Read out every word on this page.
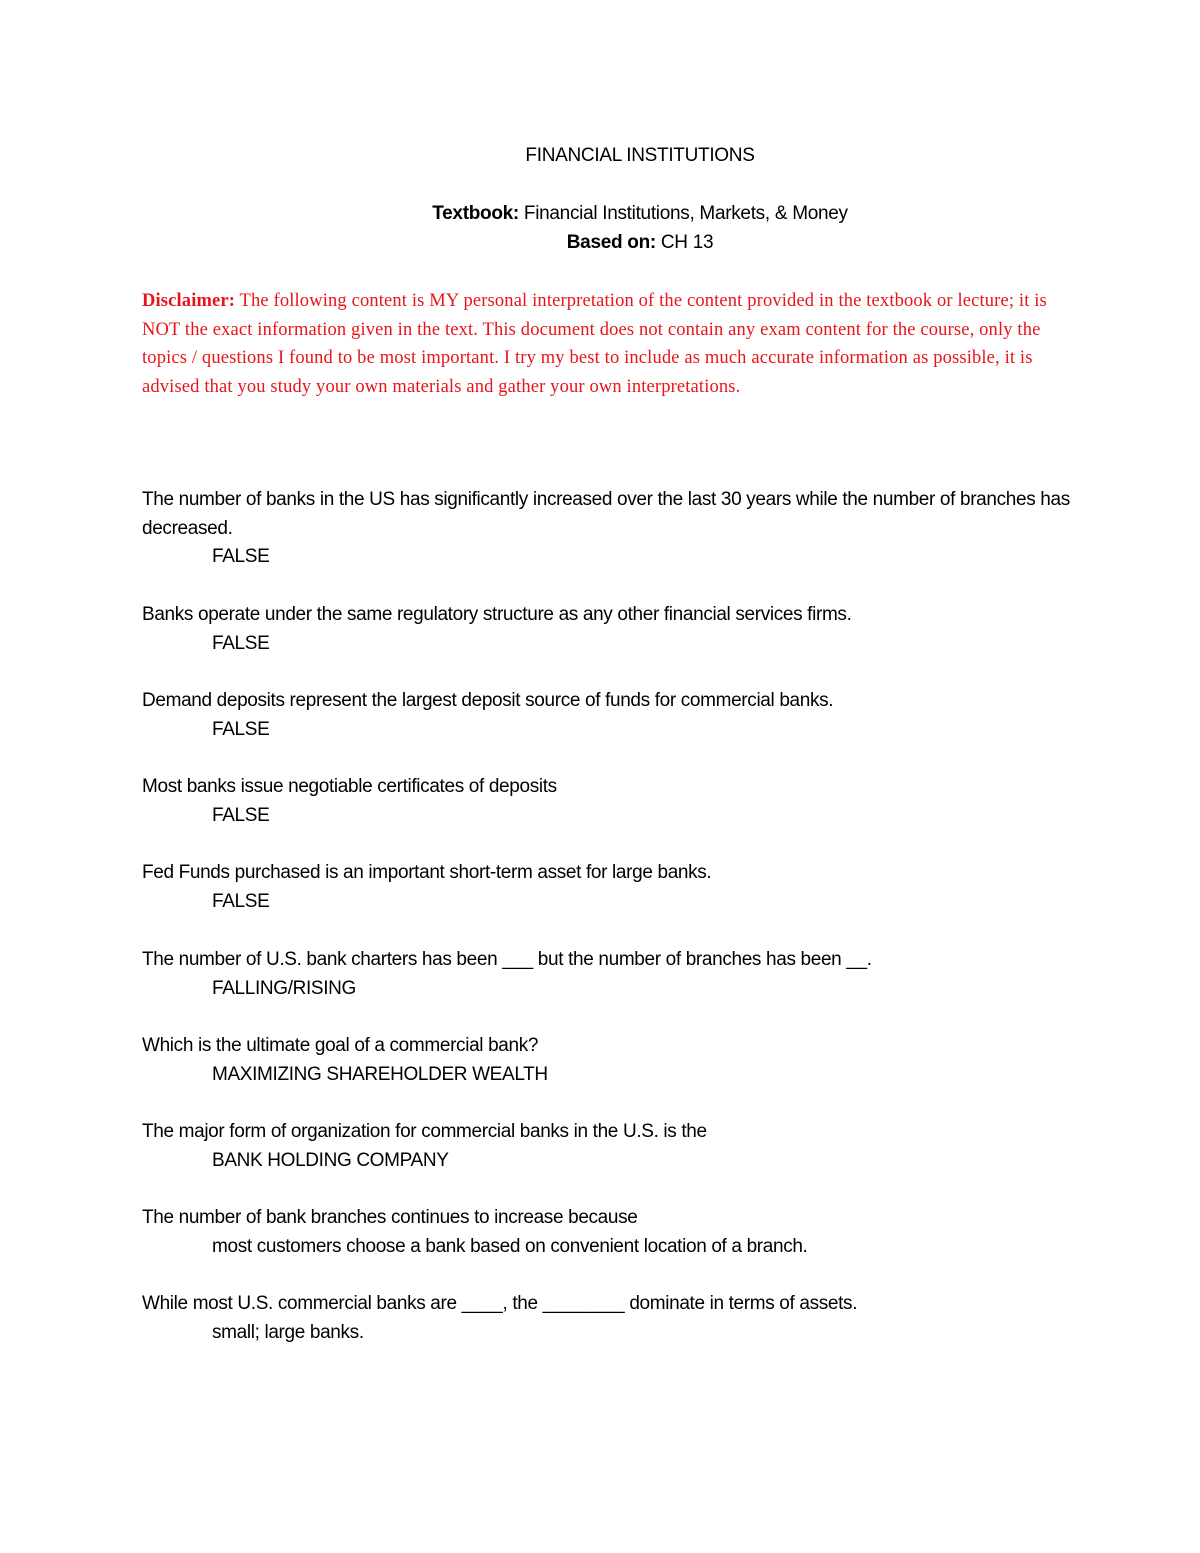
FINANCIAL INSTITUTIONS
Textbook: Financial Institutions, Markets, & Money
Based on: CH 13
Disclaimer: The following content is MY personal interpretation of the content provided in the textbook or lecture; it is NOT the exact information given in the text. This document does not contain any exam content for the course, only the topics / questions I found to be most important. I try my best to include as much accurate information as possible, it is advised that you study your own materials and gather your own interpretations.
The number of banks in the US has significantly increased over the last 30 years while the number of branches has decreased.
FALSE
Banks operate under the same regulatory structure as any other financial services firms.
FALSE
Demand deposits represent the largest deposit source of funds for commercial banks.
FALSE
Most banks issue negotiable certificates of deposits
FALSE
Fed Funds purchased is an important short-term asset for large banks.
FALSE
The number of U.S. bank charters has been ___ but the number of branches has been __.
FALLING/RISING
Which is the ultimate goal of a commercial bank?
MAXIMIZING SHAREHOLDER WEALTH
The major form of organization for commercial banks in the U.S. is the
BANK HOLDING COMPANY
The number of bank branches continues to increase because
most customers choose a bank based on convenient location of a branch.
While most U.S. commercial banks are ____, the ________ dominate in terms of assets.
small; large banks.
